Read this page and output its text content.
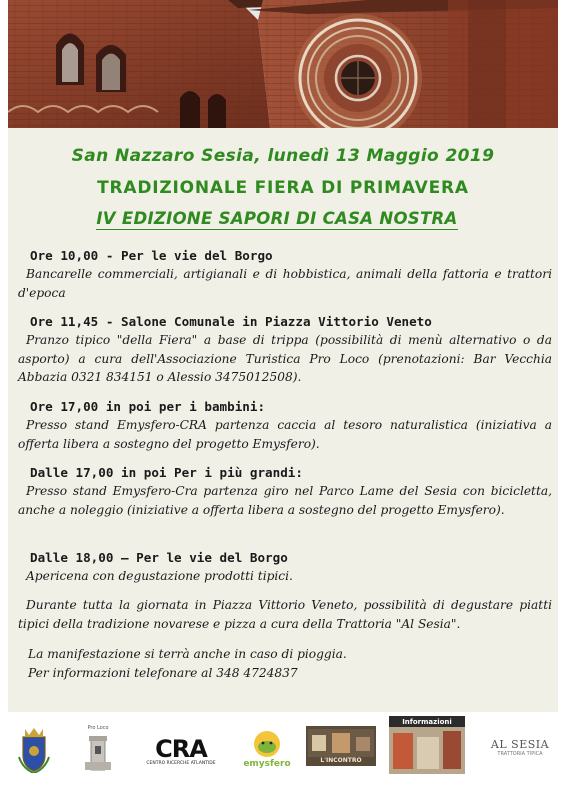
San Nazzaro Sesia, lunedì 13 Maggio 2019
TRADIZIONALE FIERA DI PRIMAVERA
IV EDIZIONE SAPORI DI CASA NOSTRA
Ore 10,00 - Per le vie del Borgo

Bancarelle commerciali, artigianali e di hobbistica, animali della fattoria e trattori d'epoca

Ore 11,45 - Salone Comunale in Piazza Vittorio Veneto

Pranzo tipico "della Fiera" a base di trippa (possibilità di menù alternativo o da asporto) a cura dell'Associazione Turistica Pro Loco (prenotazioni: Bar Vecchia Abbazia 0321 834151 o Alessio 3475012508).

Ore 17,00 in poi per i bambini:

Presso stand Emysfero-CRA partenza caccia al tesoro naturalistica (iniziativa a offerta libera a sostegno del progetto Emysfero).

Dalle 17,00 in poi Per i più grandi:

Presso stand Emysfero-Cra partenza giro nel Parco Lame del Sesia con bicicletta, anche a noleggio (iniziative a offerta libera a sostegno del progetto Emysfero).

Dalle 18,00 – Per le vie del Borgo

Apericena con degustazione prodotti tipici.

Durante tutta la giornata in Piazza Vittorio Veneto, possibilità di degustare piatti tipici della tradizione novarese e pizza a cura della Trattoria "Al Sesia".

La manifestazione si terrà anche in caso di pioggia.

Per informazioni telefonare al 348 4724837

Pro Loco
CRA
CENTRO RICERCHE ATLANTIDE	emysfero	L'INCONTRO
Informazioni
AL SESIA
TRATTORIA TIPICA
